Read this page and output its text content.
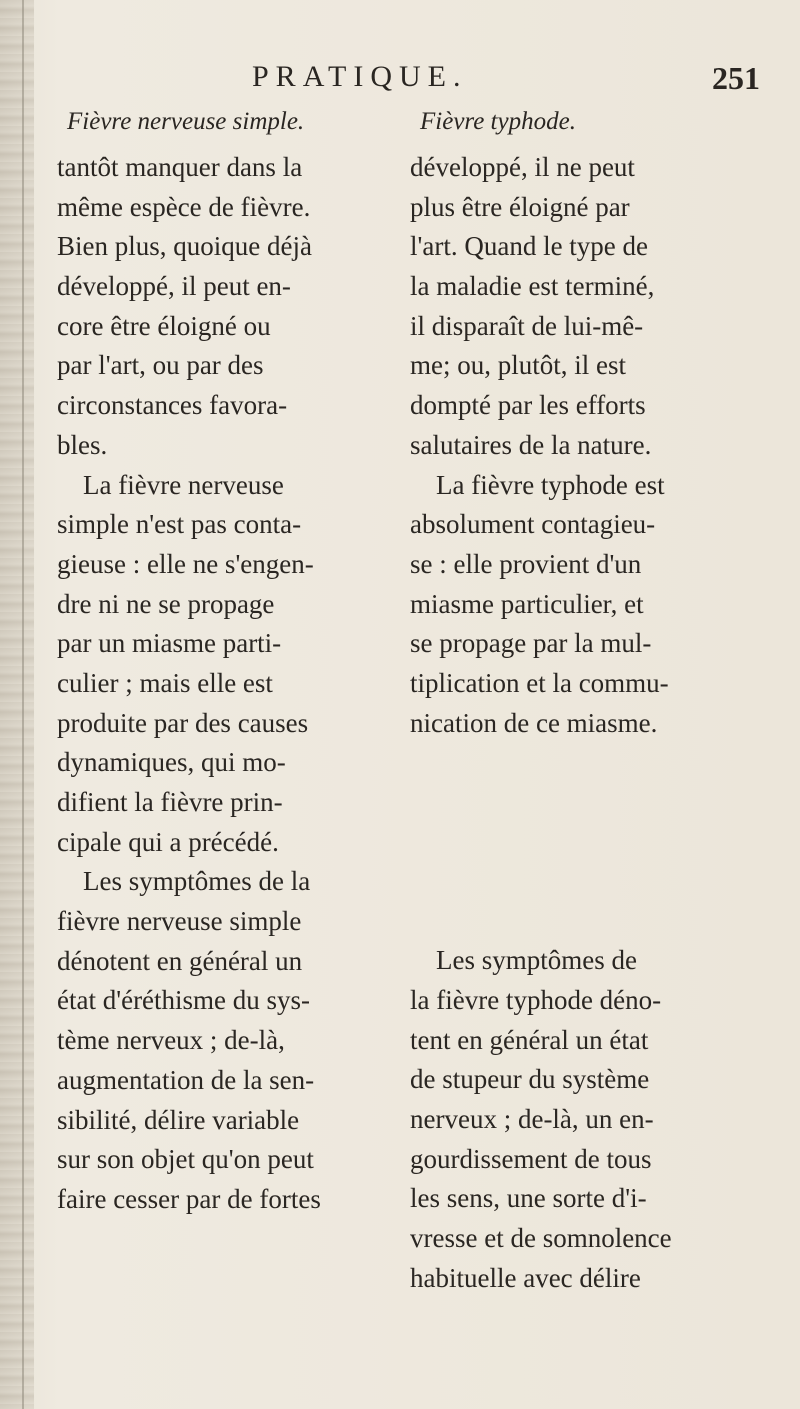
PRATIQUE.	251
Fièvre nerveuse simple.
tantôt manquer dans la
même espèce de fièvre.
Bien plus, quoique déjà
développé, il peut en-
core être éloigné ou
par l'art, ou par des
circonstances favora-
bles.
La fièvre nerveuse
simple n'est pas conta-
gieuse : elle ne s'engen-
dre ni ne se propage
par un miasme parti-
culier ; mais elle est
produite par des causes
dynamiques, qui mo-
difient la fièvre prin-
cipale qui a précédé.
Les symptômes de la
fièvre nerveuse simple
dénotent en général un
état d'éréthisme du sys-
tème nerveux ; de-là,
augmentation de la sen-
sibilité, délire variable
sur son objet qu'on peut
faire cesser par de fortes
Fièvre typhode.
développé, il ne peut
plus être éloigné par
l'art. Quand le type de
la maladie est terminé,
il disparaît de lui-mê-
me; ou, plutôt, il est
dompté par les efforts
salutaires de la nature.
La fièvre typhode est
absolument contagieu-
se : elle provient d'un
miasme particulier, et
se propage par la mul-
tiplication et la commu-
nication de ce miasme.
Les symptômes de
la fièvre typhode déno-
tent en général un état
de stupeur du système
nerveux ; de-là, un en-
gourdissement de tous
les sens, une sorte d'i-
vresse et de somnolence
habituelle avec délire
